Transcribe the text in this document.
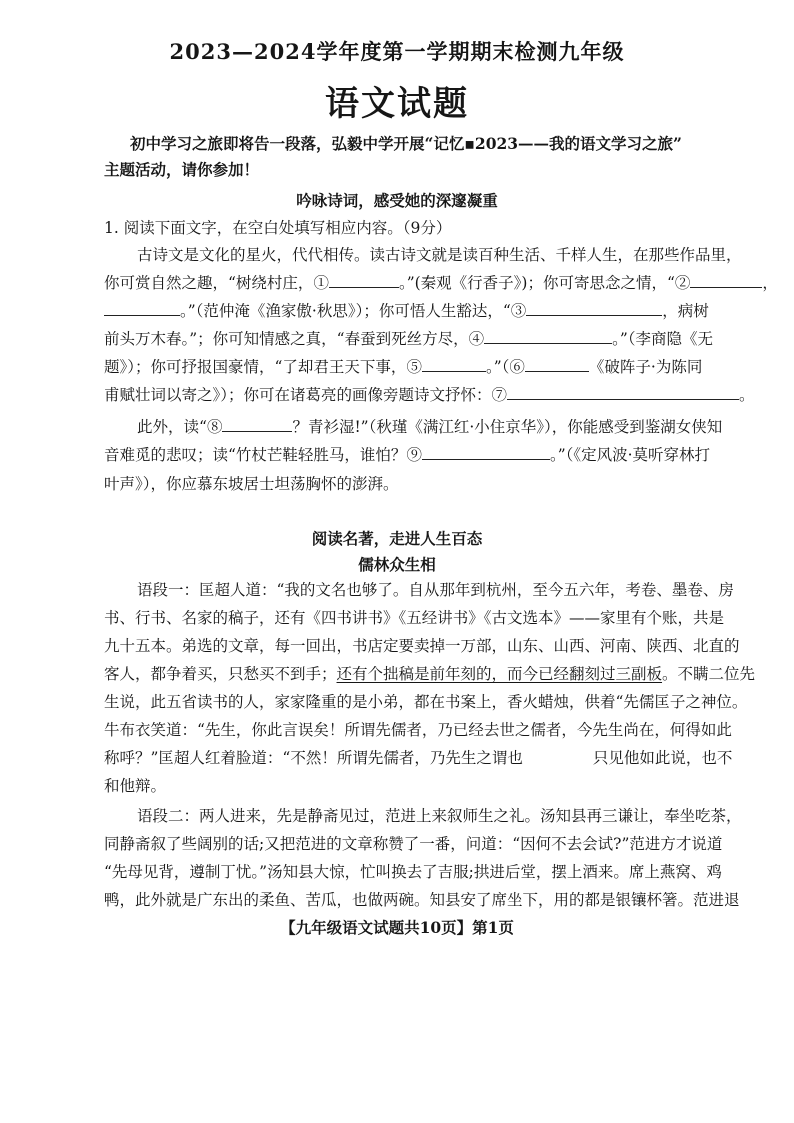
2023—2024学年度第一学期期末检测九年级
语文试题
初中学习之旅即将告一段落，弘毅中学开展“记忆▪2023——我的语文学习之旅”
主题活动，请你参加！
吟咏诗词，感受她的深邃凝重
1. 阅读下面文字，在空白处填写相应内容。（9分）
古诗文是文化的星火，代代相传。读古诗文就是读百种生活、千样人生，在那些作品里，
你可赏自然之趣，“树绕村庄，①	。”(秦观《行香子》)；你可寄思念之情，“②	，
。”（范仲淹《渔家傲·秋思》）；你可悟人生豁达，“③	，病树
前头万木春。”；你可知情感之真，“春蚕到死丝方尽，④	。”（李商隐《无
题》）；你可抒报国豪情，“了却君王天下事，⑤	。”（⑥	《破阵子·为陈同
甫赋壮词以寄之》）；你可在诸葛亮的画像旁题诗文抒怀：⑦	。
此外，读“⑧	？青衫湿!”（秋瑾《满江红·小住京华》），你能感受到鉴湖女侠知
音难觅的悲叹；读“竹杖芒鞋轻胜马，谁怕？⑨	。”（《定风波·莫听穿林打
叶声》），你应慕东坡居士坦荡胸怀的澎湃。
阅读名著，走进人生百态
儒林众生相
语段一：匡超人道：“我的文名也够了。自从那年到杭州，至今五六年，考卷、墨卷、房
书、行书、名家的稿子，还有《四书讲书》《五经讲书》《古文选本》——家里有个账，共是
九十五本。弟选的文章，每一回出，书店定要卖掉一万部，山东、山西、河南、陕西、北直的
客人，都争着买，只愁买不到手；还有个拙稿是前年刻的，而今已经翻刻过三副板。不瞒二位先
生说，此五省读书的人，家家隆重的是小弟，都在书案上，香火蜡烛，供着“先儒匡子之神位。
牛布衣笑道：“先生，你此言误矣！所谓先儒者，乃已经去世之儒者，今先生尚在，何得如此
称呼？”匡超人红着脸道：“不然！所谓先儒者，乃先生之谓也	只见他如此说，也不
和他辩。
语段二：两人进来，先是静斋见过，范进上来叙师生之礼。汤知县再三谦让，奉坐吃茶，
同静斋叙了些阔别的话;又把范进的文章称赞了一番，问道：“因何不去会试?”范进方才说道
“先母见背，遵制丁忧。”汤知县大惊，忙叫换去了吉服;拱进后堂，摆上酒来。席上燕窝、鸡
鸭，此外就是广东出的柔鱼、苦瓜，也做两碗。知县安了席坐下，用的都是银镶杯箸。范进退
【九年级语文试题共10页】第1页
